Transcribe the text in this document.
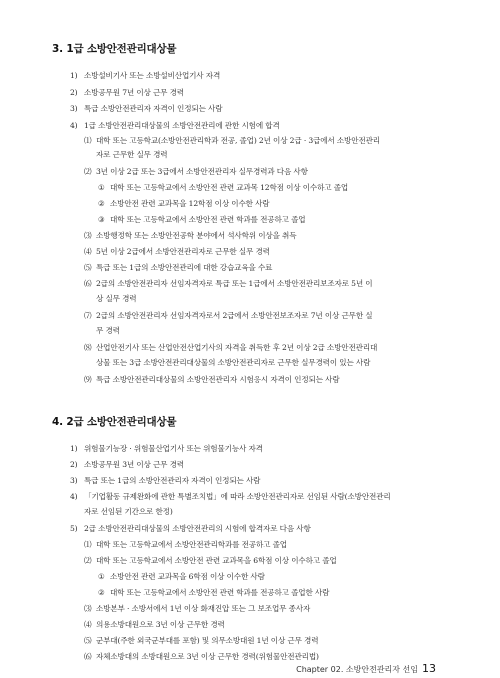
3. 1급 소방안전관리대상물
1) 소방설비기사 또는 소방설비산업기사 자격
2) 소방공무원 7년 이상 근무 경력
3) 특급 소방안전관리자 자격이 인정되는 사람
4) 1급 소방안전관리대상물의 소방안전관리에 관한 시험에 합격
⑴ 대학 또는 고등학교(소방안전관리학과 전공, 졸업) 2년 이상 2급 · 3급에서 소방안전관리
자로 근무한 실무 경력
⑵ 3년 이상 2급 또는 3급에서 소방안전관리자 실무경력과 다음 사항
① 대학 또는 고등학교에서 소방안전 관련 교과목 12학점 이상 이수하고 졸업
② 소방안전 관련 교과목을 12학점 이상 이수한 사람
③ 대학 또는 고등학교에서 소방안전 관련 학과를 전공하고 졸업
⑶ 소방행정학 또는 소방안전공학 분야에서 석사학위 이상을 취득
⑷ 5년 이상 2급에서 소방안전관리자로 근무한 실무 경력
⑸ 특급 또는 1급의 소방안전관리에 대한 강습교육을 수료
⑹ 2급의 소방안전관리자 선임자격자로 특급 또는 1급에서 소방안전관리보조자로 5년 이
상 실무 경력
⑺ 2급의 소방안전관리자 선임자격자로서 2급에서 소방안전보조자로 7년 이상 근무한 실
무 경력
⑻ 산업안전기사 또는 산업안전산업기사의 자격을 취득한 후 2년 이상 2급 소방안전관리대
상물 또는 3급 소방안전관리대상물의 소방안전관리자로 근무한 실무경력이 있는 사람
⑼ 특급 소방안전관리대상물의 소방안전관리자 시험응시 자격이 인정되는 사람
4. 2급 소방안전관리대상물
1) 위험물기능장 · 위험물산업기사 또는 위험물기능사 자격
2) 소방공무원 3년 이상 근무 경력
3) 특급 또는 1급의 소방안전관리자 자격이 인정되는 사람
4) 「기업활동 규제완화에 관한 특별조치법」에 따라 소방안전관리자로 선임된 사람(소방안전관리
자로 선임된 기간으로 한정)
5) 2급 소방안전관리대상물의 소방안전관리의 시험에 합격자로 다음 사항
⑴ 대학 또는 고등학교에서 소방안전관리학과를 전공하고 졸업
⑵ 대학 또는 고등학교에서 소방안전 관련 교과목을 6학점 이상 이수하고 졸업
① 소방안전 관련 교과목을 6학점 이상 이수한 사람
② 대학 또는 고등학교에서 소방안전 관련 학과를 전공하고 졸업한 사람
⑶ 소방본부 · 소방서에서 1년 이상 화재진압 또는 그 보조업무 종사자
⑷ 의용소방대원으로 3년 이상 근무한 경력
⑸ 군부대(주한 외국군부대를 포함) 및 의무소방대원 1년 이상 근무 경력
⑹ 자체소방대의 소방대원으로 3년 이상 근무한 경력(위험물안전관리법)
Chapter 02. 소방안전관리자 선임 13
